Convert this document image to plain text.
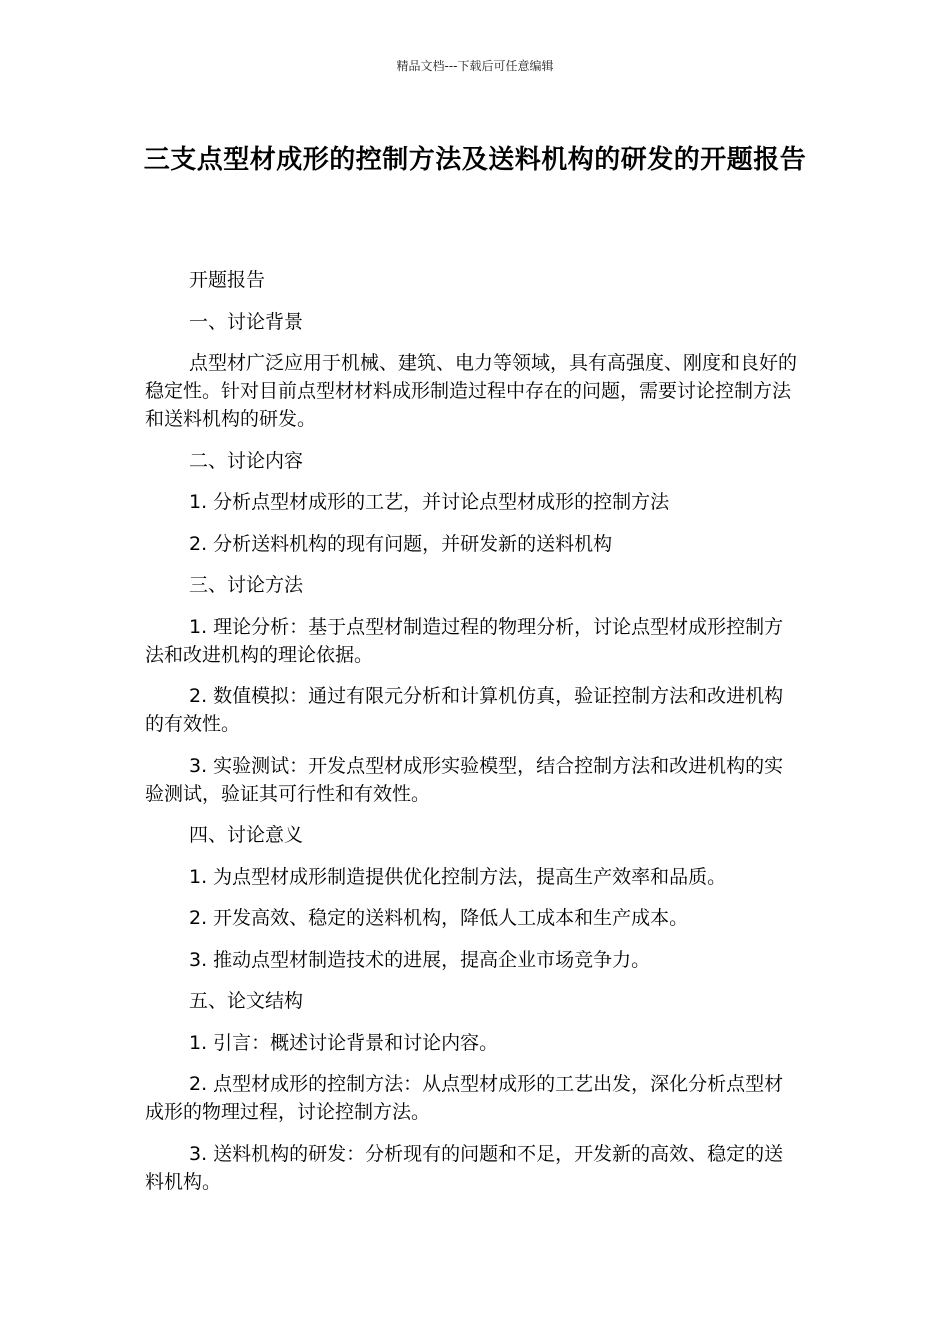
精品文档---下载后可任意编辑
三支点型材成形的控制方法及送料机构的研发的开题报告

开题报告

一、讨论背景

点型材广泛应用于机械、建筑、电力等领域，具有高强度、刚度和良好的稳定性。针对目前点型材材料成形制造过程中存在的问题，需要讨论控制方法和送料机构的研发。

二、讨论内容

1. 分析点型材成形的工艺，并讨论点型材成形的控制方法

2. 分析送料机构的现有问题，并研发新的送料机构

三、讨论方法

1. 理论分析：基于点型材制造过程的物理分析，讨论点型材成形控制方法和改进机构的理论依据。

2. 数值模拟：通过有限元分析和计算机仿真，验证控制方法和改进机构的有效性。

3. 实验测试：开发点型材成形实验模型，结合控制方法和改进机构的实验测试，验证其可行性和有效性。

四、讨论意义

1. 为点型材成形制造提供优化控制方法，提高生产效率和品质。

2. 开发高效、稳定的送料机构，降低人工成本和生产成本。

3. 推动点型材制造技术的进展，提高企业市场竞争力。

五、论文结构

1. 引言：概述讨论背景和讨论内容。

2. 点型材成形的控制方法：从点型材成形的工艺出发，深化分析点型材成形的物理过程，讨论控制方法。

3. 送料机构的研发：分析现有的问题和不足，开发新的高效、稳定的送料机构。
